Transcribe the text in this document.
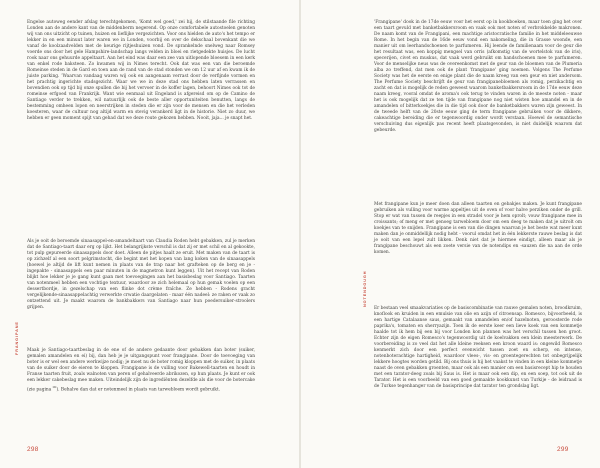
Engelse autoweg eender afslag terechtgekomen, 'Komt wel goed,' zei hij, de stilstaande file richting Londen aan de andere kant van de middenberm negerend. Op onze comfortabele autostoelen genoten wij van ons uitzicht op tuinen, huizen en lieflijke vergezichten. Voor ons hielden de auto's het tempo er lekker in en een minuut later waren we in Londen, voorbij en over de dekschaal bovenkant die we vanaf de koolzaadvelden met de keurige rijtjeshuizen vond. De sprankelnde snelweg naar Romsey voerde ons door het gele Hampshire-landschap langs velden in bloei en rietgedekte huisjes. De lucht rook naar ons gehuurde appeltaart. Aan het eind was daar een zee van uitlopende bloesem in een kerk van enkel rode baksteen. Zo kwamen wij in Nimes terecht. Ook dat was een van die beroemde Romeinse steden in de Gard en toen aan de rand van de stad stonden we om 12 uur af en kwam ik de juiste parking. 'Waarvan vandaag waren wij ook en aangenaam verrast door de verfijnde vormen en het prachtig ingerichte stadsgezicht. Waar we we in deze stad ons hebben laten verrassen en bovendien ook op tijd bij onze spullen die bij het vervoer in de koffer lagen, behoort Nimes ook tot de romeinse erfgoed van Frankrijk. Want wie eenmaal uit Engeland is afgereisd om op de Camino de Santiago verder te trekken, wil natuurlijk ook de beste aller opportuniteiten benutten, langs de bestemming omheen lopen en neerstrijken in steden die er zijn voor de mensen en die het verleden koesteren, waar de cultuur nog altijd warm en stevig verankerd ligt in de historie. Niet zo duur, we hebben er geen moment spijt van gehad dat we deze route gekozen hebben. Nooit, jaja... je snapt het.

Als je ooit de beroemde sinaasappel-en-amandeltaart van Claudia Roden hebt gebakken, zul je merken dat de Santiago-taart daar erg op lijkt. Het belangrijkste verschil is dat zij er met schil en al gekookte, tot pulp gepureerde sinaasappels door doet. Alleen de pitjes haalt ze eruit. Met maken van de taart is op zichzelf al een soort pelgrimstocht, die begint met het kopen van lang koken van de sinaasappels (hoewel je altijd de lift kunt nemen in plaats van de trap naar het grafteken op de berg en je - ingepakte - sinaasappels een paar minuten in de magnetron kunt leggen). Uit het recept van Roden blijkt hoe lekker je je gang kunt gaan met toevoegingen aan het basisbeslag voor Santiago. Taarten van notenmeel hebben een vochtige textuur, waardoor ze zich helemaal op hun gemak voelen op een dessertbordje, in gezelschap van een flinke dot crème fraîche. Ze hebben - Rodens gracht vergelijkende-sinaasappelachtig verwerkte crwatie daargelaten - maar één nadeel: ze raken er vaak zo ontzettend uit. Je maakt waarom de bankbakkers van Santiago naar hun poedersuiker-stroolers grijpen.

FRANGIPANE Maak je Santiago-taartbeslag in de ene of de andere gedaante door gebakken dan boter (suiker, gemalen amandelen en ei) bij, dan heb je je uitgangspunt voor frangipane. Door de toevoeging van boter is er wel een andere werkwijze nodig; je moet nu de boter romig kloppen met de suiker, in plaats van de suiker door de eieren te kloppen. Frangipane is de vulling voor Bakewell-taarten en houdt in Franse taarten fruit, zoals walnoten van peren of gehalveerde abrikozen, op hun plaats. Je kunt er ook een lekker cakebeslag mee maken. Uiteindelijk zijn de ingrediënten dezelfde als die voor de botercake (zie pagina $^{00}$). Behalve dan dat er notenmeel in plaats van tarwebloem wordt gebruikt.

298

'Frangipane' dook in de 17de eeuw voor het eerst op in kookboeken, maar toen ging het over een taart gevuld met banketbakkersroom en vaak ook met noten of verbrokkelde makronen. De naam komt van de Frangipani, een machtige aristocratische familie in het middeleeuwse Rome. In het begin van de 16de eeuw vond een nakomeling, die in Grasse woonde, een manier uit om leerhandschoenen te parfumeren. Hij leende de familienaam voor de geur die het resultaat was, een koppig mengsel van orris (afkomstig van de wortelstok van de iris), specerijen, civet en muskus, dat vaak werd gebruikt om handschoenen mee te parfumeren. Voor de menselijke neus was de overeenkomst met de geur van de bloemen van de Plumeria alba zo treffend, dat men ook de plant 'frangipane' ging noemen. Volgens The Perfume Society was het de eerste en enige plant die de naam kreeg van een geur en niet andersom. The Perfume Society beschrijft de geur van frangipanebloemen als romig, perzikachtig en zacht en dat is mogelijk de reden geweest waarom banketbakkersroom in de 17de eeuw deze naam kreeg, vooral omdat de aroma's ook terug te vinden waren in de meeste noten - maar het is ook mogelijk dat ze ten tijde van frangipane nog niet wisten hoe amandel en in de amandelen of bitterkoekjes die in die tijd ook door de banketbakkers waren zijn geweest. In de tweede helft van de 20ste eeuw ging de term frangipane gebruiken voor de dikkere, cakeachtige bereiding die er tegenwoordig onder wordt verstaan. Hoewel de semantische verschuiving dus eigenlijk pas recent heeft plaatsgevonden, is niet duidelijk waarom dat gebeurde.

Met frangipane kun je meer doen dan alleen taarten en gebakjes maken. Je kunt frangipane gebruiken als vulling voor warme appeltjes uit de oven of voor halve perziken onder de grill. Stop er wat van tussen de reepjes in een stradel voor je hem oprolt; vouw frangipane mee in croissants; of meng er met genoeg tarwebloem door om een deeg te maken dat je uitrolt om koekjes van te snijden. Frangipane is een van die dingen waarvan je het beste wat meer kunt maken dan je onmiddellijk nodig hebt - voorul omdat het in één lekkerste rauwe beslag is dat je ooit van een lepel zult likken. Denk niet dat je hiermee eindigt, alleen maar als je frangipane beschouwt als een zoete versie van de notendips en -sauzen die na aan de orde komen.

NOTENDOUGH

Er bestaan veel smaakvariaties op de basiscombinatie van rauwe gemalen noten, broodkruim, knoflook en kruiden in een emulsie van olie en azijn of citroensap. Romesco, bijvoorbeeld, is een hartige Catalaanse saus, gemaakt van amandelen en/of hazelnoten, geroosterde rode paprika's, tomaten en sherryazijn. Toen ik de eerste keer een lieve koek van een kommetje haalde tot ik hem bij een bij voor Londen kon plannen was het verschil tussen hen groot. Echter zijn de eigen Romesco's tegenwoordig uit de koelvakken een klein meesterwerk. De voorbereiding is zo veel dat het alle kleine reeksen een kroon waard is: ongewild Romesco kenmerkt zich door een perfect evenwicht tussen zoet en scherp, en intense, notenboterachtige hartigheid, waardoor vlees-, vis- en groentegerechten tot onbegrijpelijk lekkere hoogtes worden getild. Bij ons thuis is hij het vaakst te vinden in een kleine kommetje naast de oven gebakken groenten, maar ook als een manier om een basisrecept hip te houden met een tarator-deeg zoals bij Saus is. Het is maar ook een dip, en een soep, tot ook uit de Tarator. Het is een voorbeeld van een goed gemaakte kookkunst van Turkije - de leidraad is de Turkse tegenhanger van de basisprincipe dat tarator ten grondslag ligt.

299
